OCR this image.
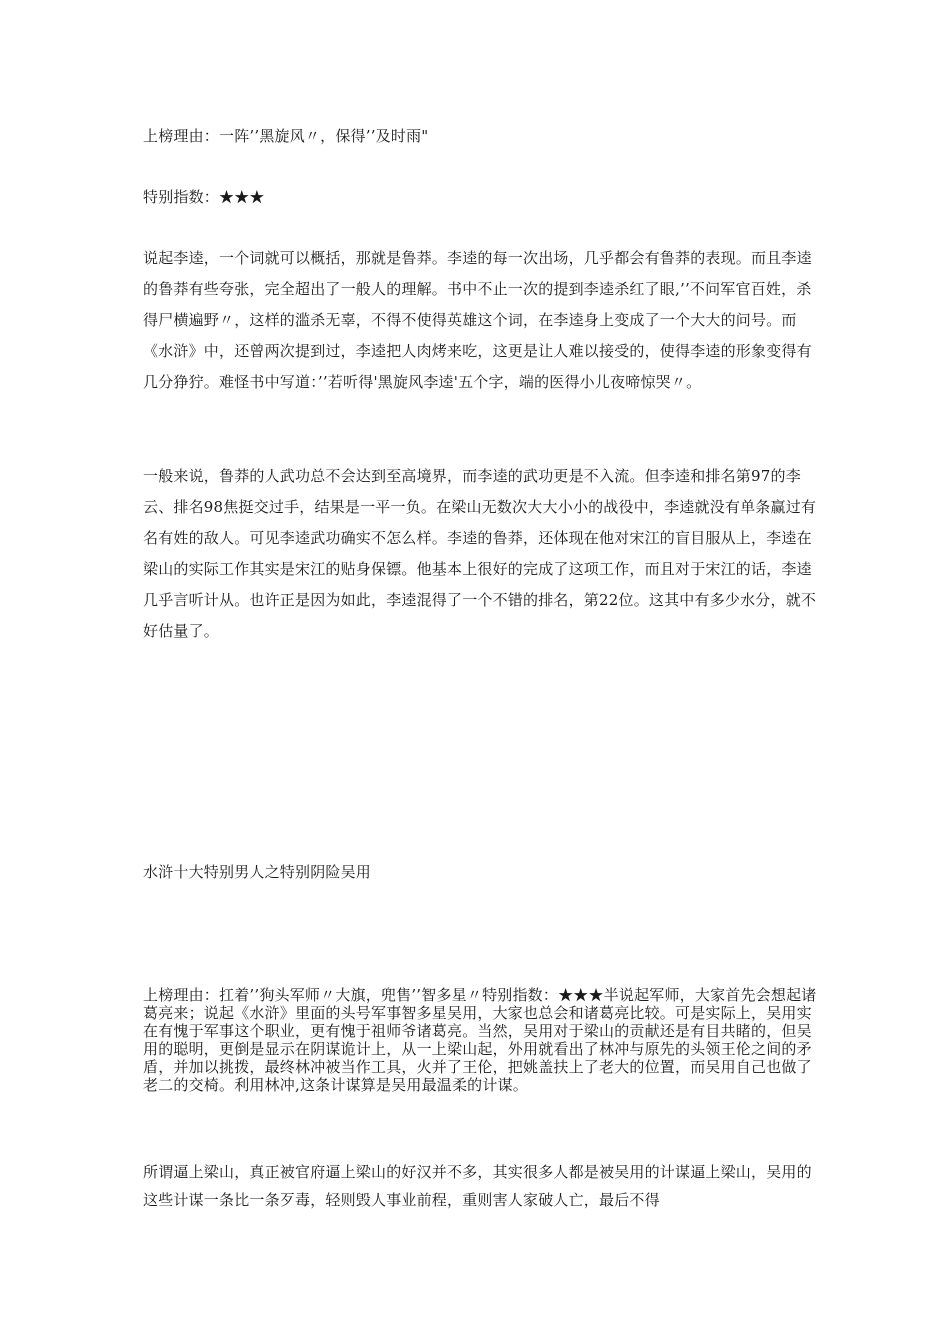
上榜理由：一阵’’黑旋风〃，保得’’及时雨"

特别指数：★★★

说起李逵，一个词就可以概括，那就是鲁莽。李逵的每一次出场，几乎都会有鲁莽的表现。而且李逵的鲁莽有些夸张，完全超出了一般人的理解。书中不止一次的提到李逵杀红了眼,’’不问军官百姓，杀得尸横遍野〃，这样的滥杀无辜，不得不使得英雄这个词，在李逵身上变成了一个大大的问号。而《水浒》中，还曾两次提到过，李逵把人肉烤来吃，这更是让人难以接受的，使得李逵的形象变得有几分狰狞。难怪书中写道：’’若听得'黑旋风李逵'五个字，端的医得小儿夜啼惊哭〃。

一般来说，鲁莽的人武功总不会达到至高境界，而李逵的武功更是不入流。但李逵和排名第97的李云、排名98焦挺交过手，结果是一平一负。在梁山无数次大大小小的战役中，李逵就没有单条赢过有名有姓的敌人。可见李逵武功确实不怎么样。李逵的鲁莽，还体现在他对宋江的盲目服从上，李逵在梁山的实际工作其实是宋江的贴身保镖。他基本上很好的完成了这项工作，而且对于宋江的话，李逵几乎言听计从。也许正是因为如此，李逵混得了一个不错的排名，第22位。这其中有多少水分，就不好估量了。

水浒十大特别男人之特别阴险吴用

上榜理由：扛着’’狗头军师〃大旗，兜售’’智多星〃特别指数：★★★半说起军师，大家首先会想起诸葛亮来；说起《水浒》里面的头号军事智多星吴用，大家也总会和诸葛亮比较。可是实际上，吴用实在有愧于军事这个职业，更有愧于祖师爷诸葛亮。当然，吴用对于梁山的贡献还是有目共睹的，但吴用的聪明，更倒是显示在阴谋诡计上，从一上梁山起，外用就看出了林冲与原先的头领王伦之间的矛盾，并加以挑拨，最终林冲被当作工具，火并了王伦，把姚盖扶上了老大的位置，而吴用自己也做了老二的交椅。利用林冲,这条计谋算是吴用最温柔的计谋。

所谓逼上梁山，真正被官府逼上梁山的好汉并不多，其实很多人都是被吴用的计谋逼上梁山，吴用的这些计谋一条比一条歹毒，轻则毁人事业前程，重则害人家破人亡，最后不得
